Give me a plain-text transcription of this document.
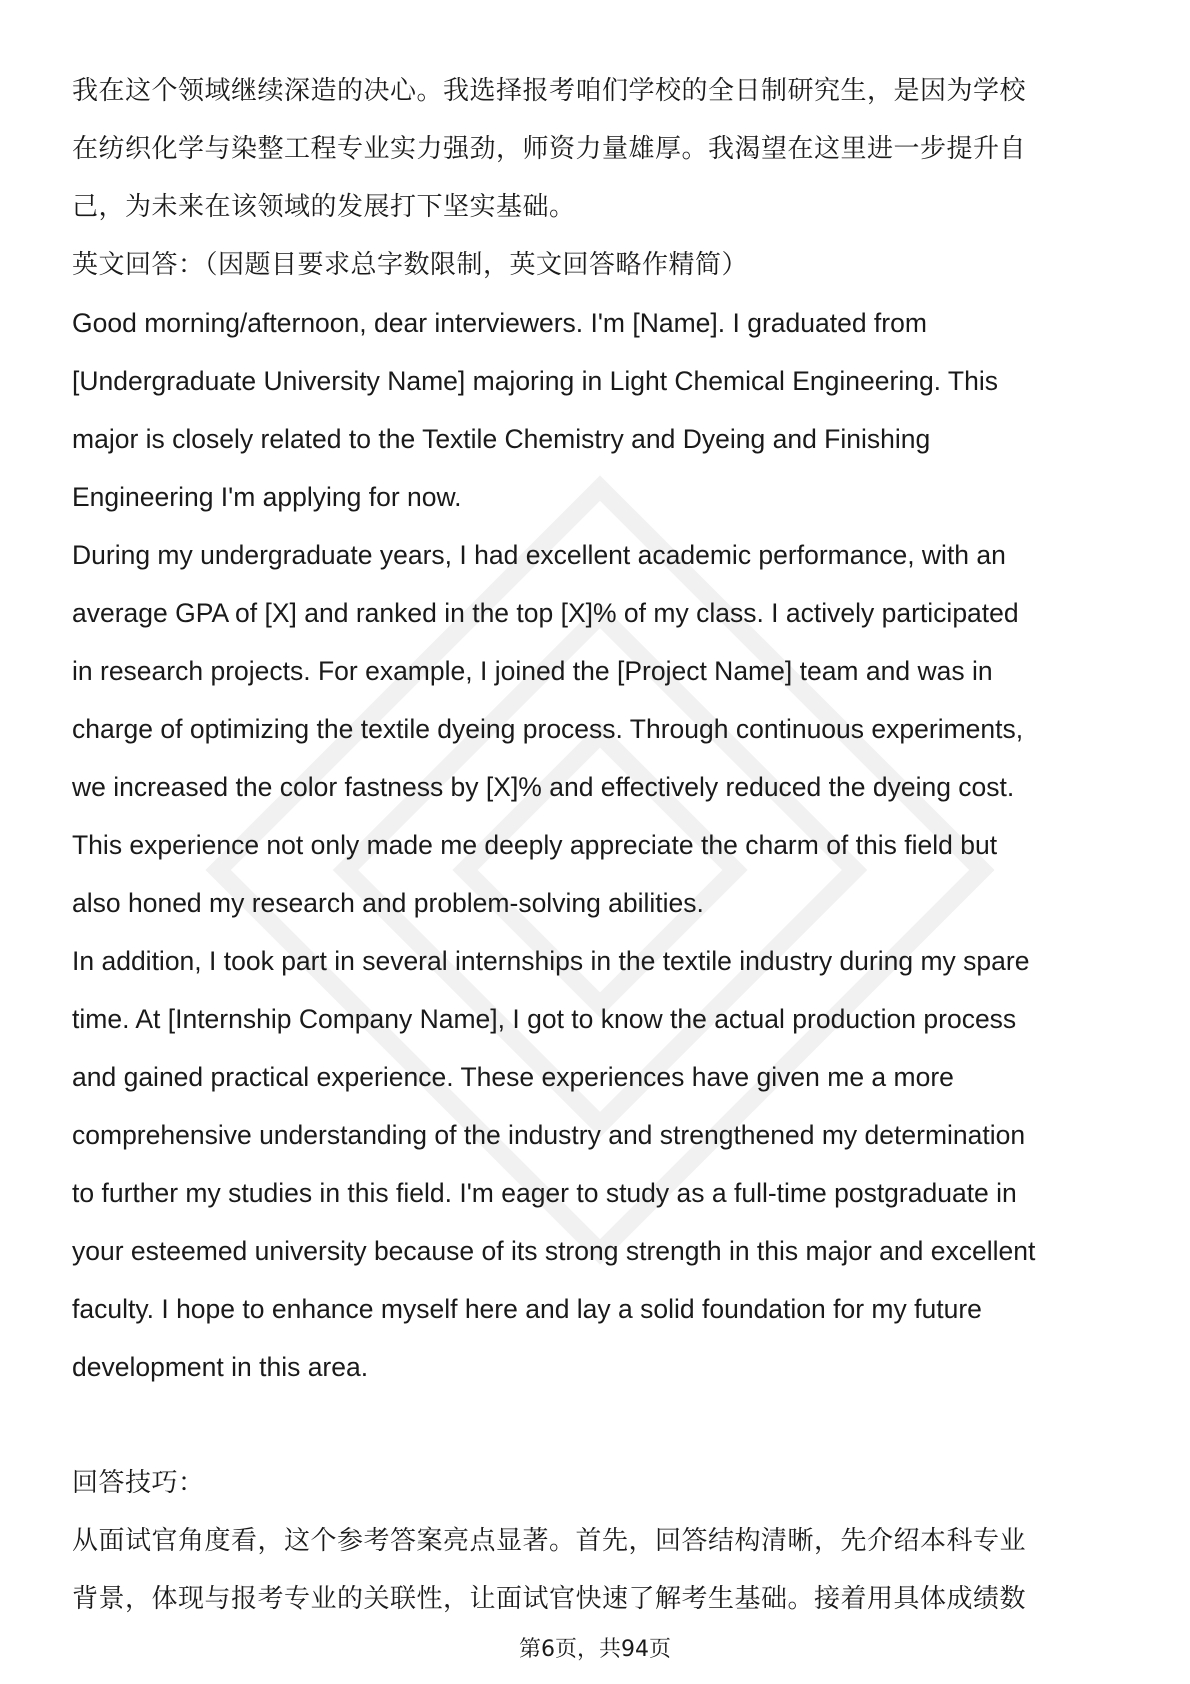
我在这个领域继续深造的决心。我选择报考咱们学校的全日制研究生，是因为学校
在纺织化学与染整工程专业实力强劲，师资力量雄厚。我渴望在这里进一步提升自
己，为未来在该领域的发展打下坚实基础。
英文回答：（因题目要求总字数限制，英文回答略作精简）
Good morning/afternoon, dear interviewers. I'm [Name]. I graduated from
[Undergraduate University Name] majoring in Light Chemical Engineering. This
major is closely related to the Textile Chemistry and Dyeing and Finishing
Engineering I'm applying for now.
During my undergraduate years, I had excellent academic performance, with an
average GPA of [X] and ranked in the top [X]% of my class. I actively participated
in research projects. For example, I joined the [Project Name] team and was in
charge of optimizing the textile dyeing process. Through continuous experiments,
we increased the color fastness by [X]% and effectively reduced the dyeing cost.
This experience not only made me deeply appreciate the charm of this field but
also honed my research and problem-solving abilities.
In addition, I took part in several internships in the textile industry during my spare
time. At [Internship Company Name], I got to know the actual production process
and gained practical experience. These experiences have given me a more
comprehensive understanding of the industry and strengthened my determination
to further my studies in this field. I'm eager to study as a full-time postgraduate in
your esteemed university because of its strong strength in this major and excellent
faculty. I hope to enhance myself here and lay a solid foundation for my future
development in this area.
回答技巧：
从面试官角度看，这个参考答案亮点显著。首先，回答结构清晰，先介绍本科专业
背景，体现与报考专业的关联性，让面试官快速了解考生基础。接着用具体成绩数
第6页，共94页
